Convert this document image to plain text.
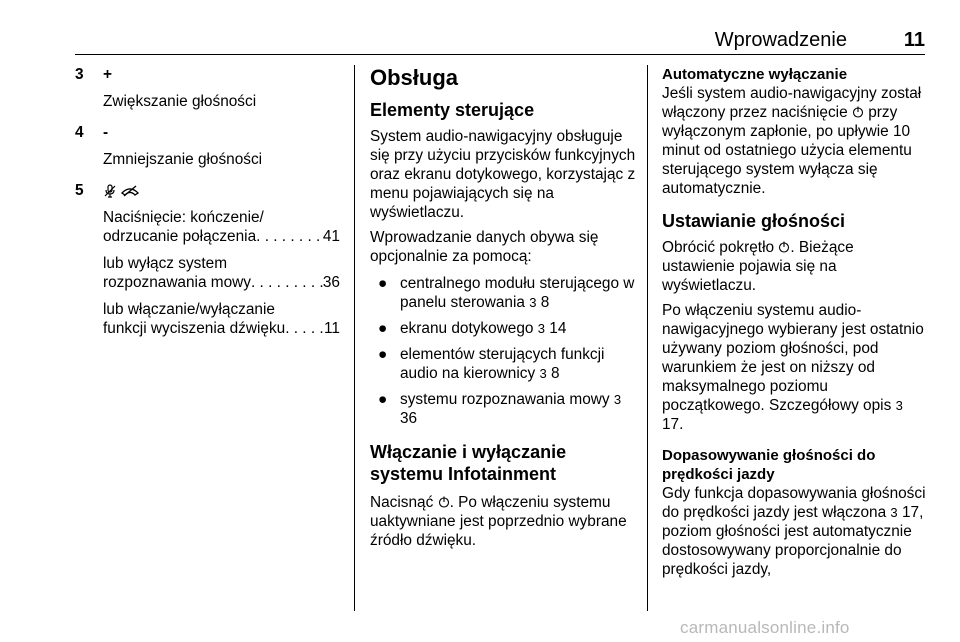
Wprowadzenie	11
3	+
Zwiększanie głośności
4	-
Zmniejszanie głośności
5

Naciśnięcie: kończenie/

odrzucanie połączenia . . .	41

lub wyłącz system

rozpoznawania mowy . . .	36

lub włączanie/wyłączanie

funkcji wyciszenia dźwięku . . .	11
Obsługa
Elementy sterujące

System audio-nawigacyjny obsługuje się przy użyciu przycisków funkcyjnych oraz ekranu dotykowego, korzystając z menu pojawiających się na wyświetlaczu.

Wprowadzanie danych obywa się opcjonalnie za pomocą:

● centralnego modułu sterującego w panelu sterowania 3 8
● ekranu dotykowego 3 14
● elementów sterujących funkcji audio na kierownicy 3 8
● systemu rozpoznawania mowy 3 36
Włączanie i wyłączanie systemu Infotainment

Nacisnąć . Po włączeniu systemu uaktywniane jest poprzednio wybrane źródło dźwięku.

Automatyczne wyłączanie

Jeśli system audio-nawigacyjny został włączony przez naciśnięcie przy wyłączonym zapłonie, po upływie 10 minut od ostatniego użycia elementu sterującego system wyłącza się automatycznie.

Ustawianie głośności

Obrócić pokrętło . Bieżące ustawienie pojawia się na wyświetlaczu.

Po włączeniu systemu audio-nawigacyjnego wybierany jest ostatnio używany poziom głośności, pod warunkiem że jest on niższy od maksymalnego poziomu początkowego. Szczegółowy opis 3 17.

Dopasowywanie głośności do
prędkości jazdy

Gdy funkcja dopasowywania głośności do prędkości jazdy jest włączona 3 17, poziom głośności jest automatycznie dostosowywany proporcjonalnie do prędkości jazdy,

carmanualsonline.info
